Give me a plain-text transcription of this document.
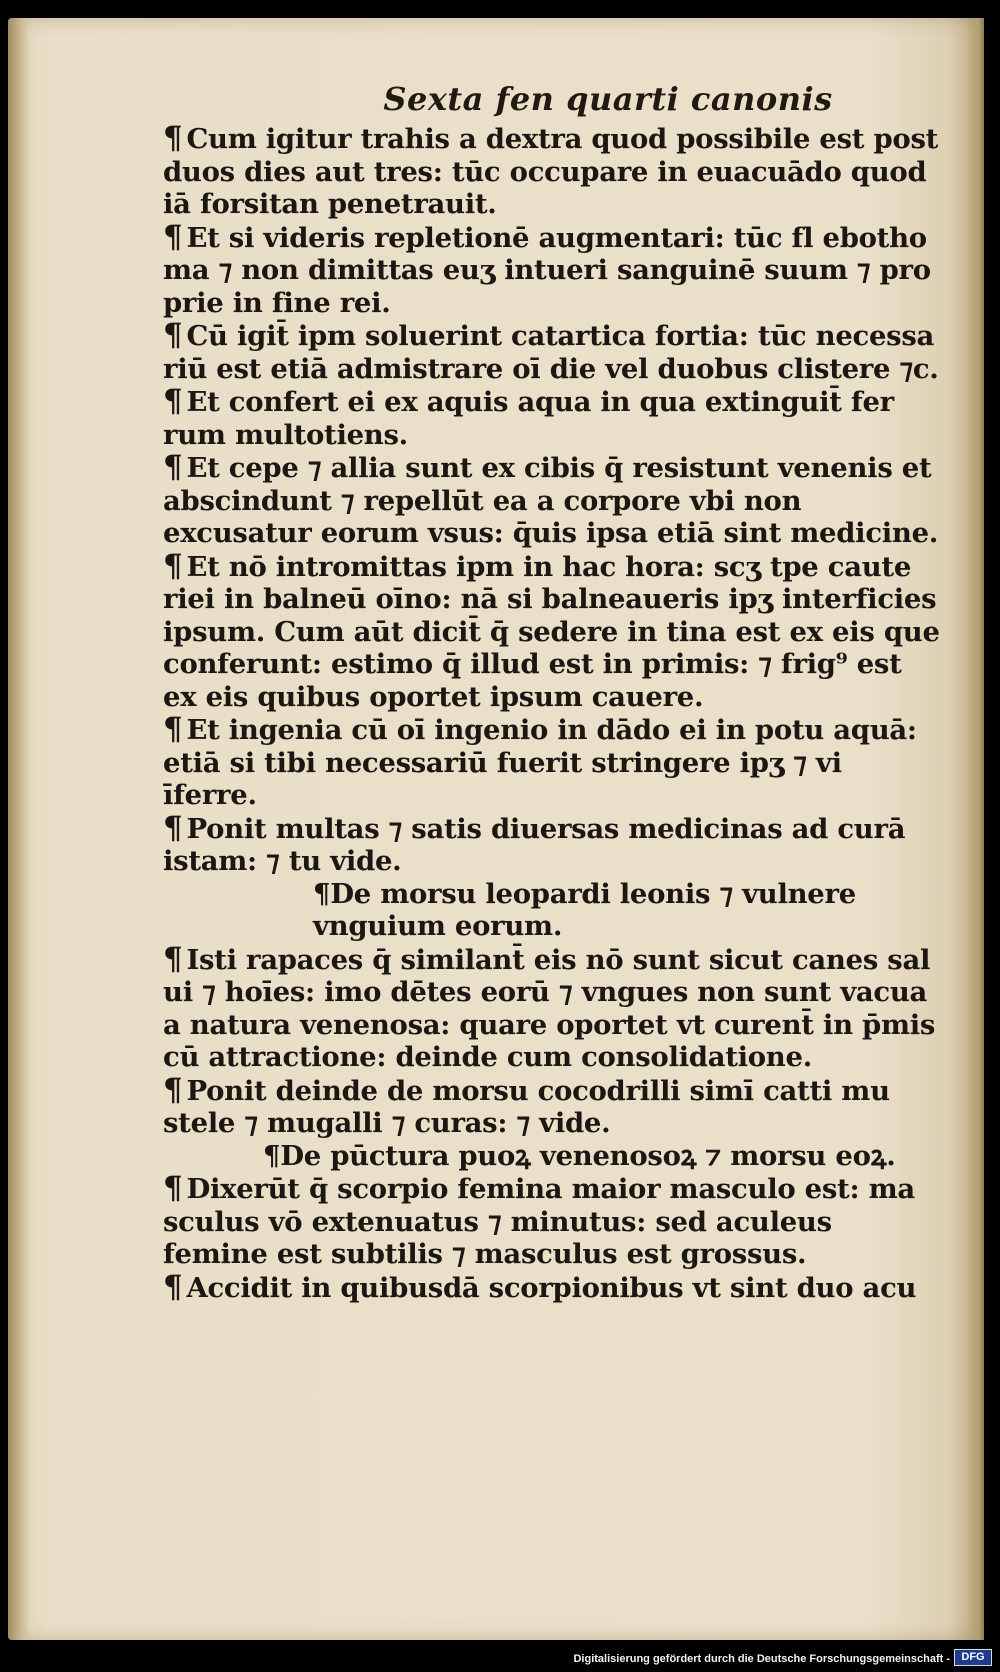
Sexta fen quarti canonis

¶ Cum igitur trahis a dextra quod possibile est post duos dies aut tres: tūc occupare in euacuādo quod iā forsitan penetrauit.

¶ Et si videris repletionē augmentari: tūc fl ebotho ma ⁊ non dimittas euʒ intueri sanguinē suum ⁊ pro prie in fine rei.

¶ Cū igit̄ ipm soluerint catartica fortia: tūc necessa riū est etiā admistrare oī die vel duobus clistere ⁊c.

¶ Et confert ei ex aquis aqua in qua extinguit̄ fer rum multotiens.

¶ Et cepe ⁊ allia sunt ex cibis q̄ resistunt venenis et abscindunt ⁊ repellūt ea a corpore vbi non excusatur eorum vsus: q̄uis ipsa etiā sint medicine.

¶ Et nō intromittas ipm in hac hora: scʒ tpe caute riei in balneū oīno: nā si balneaueris ipʒ interficies ipsum. Cum aūt dicit̄ q̄ sedere in tina est ex eis que conferunt: estimo q̄ illud est in primis: ⁊ frig⁹ est ex eis quibus oportet ipsum cauere.

¶ Et ingenia cū oī ingenio in dādo ei in potu aquā: etiā si tibi necessariū fuerit stringere ipʒ ⁊ vi īferre.

¶ Ponit multas ⁊ satis diuersas medicinas ad curā istam: ⁊ tu vide.

¶De morsu leopardi leonis ⁊ vulnere vnguium eorum.

¶ Isti rapaces q̄ similant̄ eis nō sunt sicut canes sal ui ⁊ hoīes: imo dētes eorū ⁊ vngues non sunt vacua a natura venenosa: quare oportet vt curent̄ in p̄mis cū attractione: deinde cum consolidatione.

¶ Ponit deinde de morsu cocodrilli simī catti mu stele ⁊ mugalli ⁊ curas: ⁊ vide.

¶De pūctura puoꝝ venenosoꝝ ⁊ morsu eoꝝ.

¶ Dixerūt q̄ scorpio femina maior masculo est: ma sculus vō extenuatus ⁊ minutus: sed aculeus femine est subtilis ⁊ masculus est grossus.

¶ Accidit in quibusdā scorpionibus vt sint duo acu

Digitalisierung gefördert durch die Deutsche Forschungsgemeinschaft -	DFG
